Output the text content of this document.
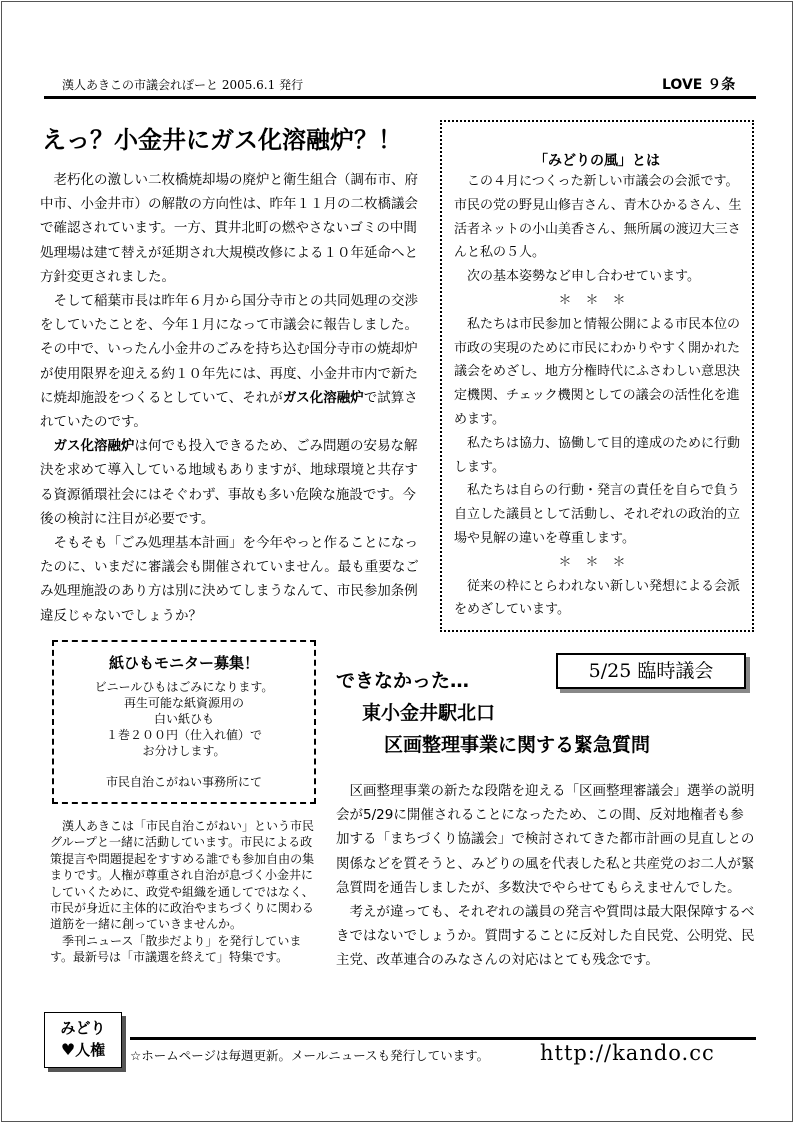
漢人あきこの市議会れぽーと 2005.6.1 発行	LOVE ９条
えっ？小金井にガス化溶融炉？！

老朽化の激しい二枚橋焼却場の廃炉と衛生組合（調布市、府中市、小金井市）の解散の方向性は、昨年１１月の二枚橋議会で確認されています。一方、貫井北町の燃やさないゴミの中間処理場は建て替えが延期され大規模改修による１０年延命へと方針変更されました。

そして稲葉市長は昨年６月から国分寺市との共同処理の交渉をしていたことを、今年１月になって市議会に報告しました。その中で、いったん小金井のごみを持ち込む国分寺市の焼却炉が使用限界を迎える約１０年先には、再度、小金井市内で新たに焼却施設をつくるとしていて、それがガス化溶融炉で試算されていたのです。

ガス化溶融炉は何でも投入できるため、ごみ問題の安易な解決を求めて導入している地域もありますが、地球環境と共存する資源循環社会にはそぐわず、事故も多い危険な施設です。今後の検討に注目が必要です。

そもそも「ごみ処理基本計画」を今年やっと作ることになったのに、いまだに審議会も開催されていません。最も重要なごみ処理施設のあり方は別に決めてしまうなんて、市民参加条例違反じゃないでしょうか？

「みどりの風」とは

この４月につくった新しい市議会の会派です。市民の党の野見山修吉さん、青木ひかるさん、生活者ネットの小山美香さん、無所属の渡辺大三さんと私の５人。

次の基本姿勢など申し合わせています。

＊＊＊

私たちは市民参加と情報公開による市民本位の市政の実現のために市民にわかりやすく開かれた議会をめざし、地方分権時代にふさわしい意思決定機関、チェック機関としての議会の活性化を進めます。

私たちは協力、協働して目的達成のために行動します。

私たちは自らの行動・発言の責任を自らで負う自立した議員として活動し、それぞれの政治的立場や見解の違いを尊重します。

＊＊＊

従来の枠にとらわれない新しい発想による会派をめざしています。

紙ひもモニター募集！
ビニールひもはごみになります。
再生可能な紙資源用の
白い紙ひも
１巻２００円（仕入れ値）で
お分けします。
市民自治こがねい事務所にて

漢人あきこは「市民自治こがねい」という市民グループと一緒に活動しています。市民による政策提言や問題提起をすすめる誰でも参加自由の集まりです。人権が尊重され自治が息づく小金井にしていくために、政党や組織を通してではなく、市民が身近に主体的に政治やまちづくりに関わる道筋を一緒に創っていきませんか。

季刊ニュース「散歩だより」を発行しています。最新号は「市議選を終えて」特集です。

5/25 臨時議会
できなかった…
東小金井駅北口
区画整理事業に関する緊急質問

区画整理事業の新たな段階を迎える「区画整理審議会」選挙の説明会が5/29に開催されることになったため、この間、反対地権者も参加する「まちづくり協議会」で検討されてきた都市計画の見直しとの関係などを質そうと、みどりの風を代表した私と共産党のお二人が緊急質問を通告しましたが、多数決でやらせてもらえませんでした。

考えが違っても、それぞれの議員の発言や質問は最大限保障するべきではないでしょうか。質問することに反対した自民党、公明党、民主党、改革連合のみなさんの対応はとても残念です。

みどり
♥人権	☆ホームページは毎週更新。メールニュースも発行しています。 http://kando.cc
